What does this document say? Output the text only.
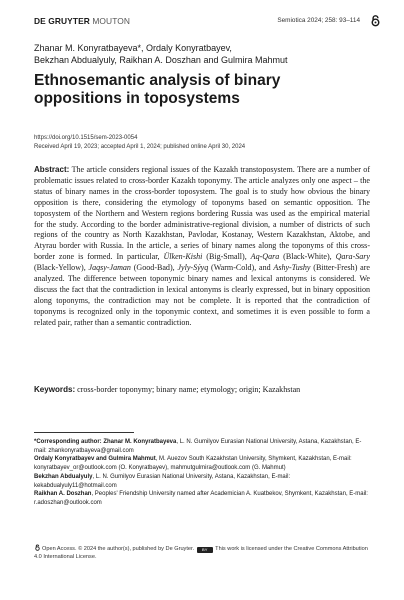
DE GRUYTER MOUTON	Semiotica 2024; 258: 93–114
Zhanar M. Konyratbayeva*, Ordaly Konyratbayev,
Bekzhan Abdualyuly, Raikhan A. Doszhan and Gulmira Mahmut
Ethnosemantic analysis of binary
oppositions in toposystems
https://doi.org/10.1515/sem-2023-0054
Received April 19, 2023; accepted April 1, 2024; published online April 30, 2024
Abstract: The article considers regional issues of the Kazakh transtoposystem. There are a number of problematic issues related to cross-border Kazakh toponymy. The article analyzes only one aspect – the status of binary names in the cross-border toposystem. The goal is to study how obvious the binary opposition is there, considering the etymology of toponyms based on semantic opposition. The toposystem of the Northern and Western regions bordering Russia was used as the empirical material for the study. According to the border administrative-regional division, a number of districts of such regions of the country as North Kazakhstan, Pavlodar, Kostanay, Western Kazakhstan, Aktobe, and Atyrau border with Russia. In the article, a series of binary names along the toponyms of this cross-border zone is formed. In particular, Ülken-Kishi (Big-Small), Aq-Qara (Black-White), Qara-Sary (Black-Yellow), Jaqsy-Jaman (Good-Bad), Jyly-Sýyq (Warm-Cold), and Ashy-Tushy (Bitter-Fresh) are analyzed. The difference between toponymic binary names and lexical antonyms is considered. We discuss the fact that the contradiction in lexical antonyms is clearly expressed, but in binary opposition along toponyms, the contradiction may not be complete. It is reported that the contradiction of toponyms is recognized only in the toponymic context, and sometimes it is even possible to form a related pair, rather than a semantic contradiction.
Keywords: cross-border toponymy; binary name; etymology; origin; Kazakhstan

*Corresponding author: Zhanar M. Konyratbayeva, L. N. Gumilyov Eurasian National University, Astana, Kazakhstan, E-mail: zhankonyratbayeva@gmail.com

Ordaly Konyratbayev and Gulmira Mahmut, M. Auezov South Kazakhstan University, Shymkent, Kazakhstan, E-mail: konyratbayev_or@outlook.com (O. Konyratbayev), mahmutgulmira@outlook.com (G. Mahmut)

Bekzhan Abdualyuly, L. N. Gumilyov Eurasian National University, Astana, Kazakhstan, E-mail: kekabdualyuly11@hotmail.com

Raikhan A. Doszhan, Peoples' Friendship University named after Academician A. Kuatbekov, Shymkent, Kazakhstan, E-mail: r.adoszhan@outlook.com

Open Access. © 2024 the author(s), published by De Gruyter. BY This work is licensed under the Creative Commons Attribution 4.0 International License.
